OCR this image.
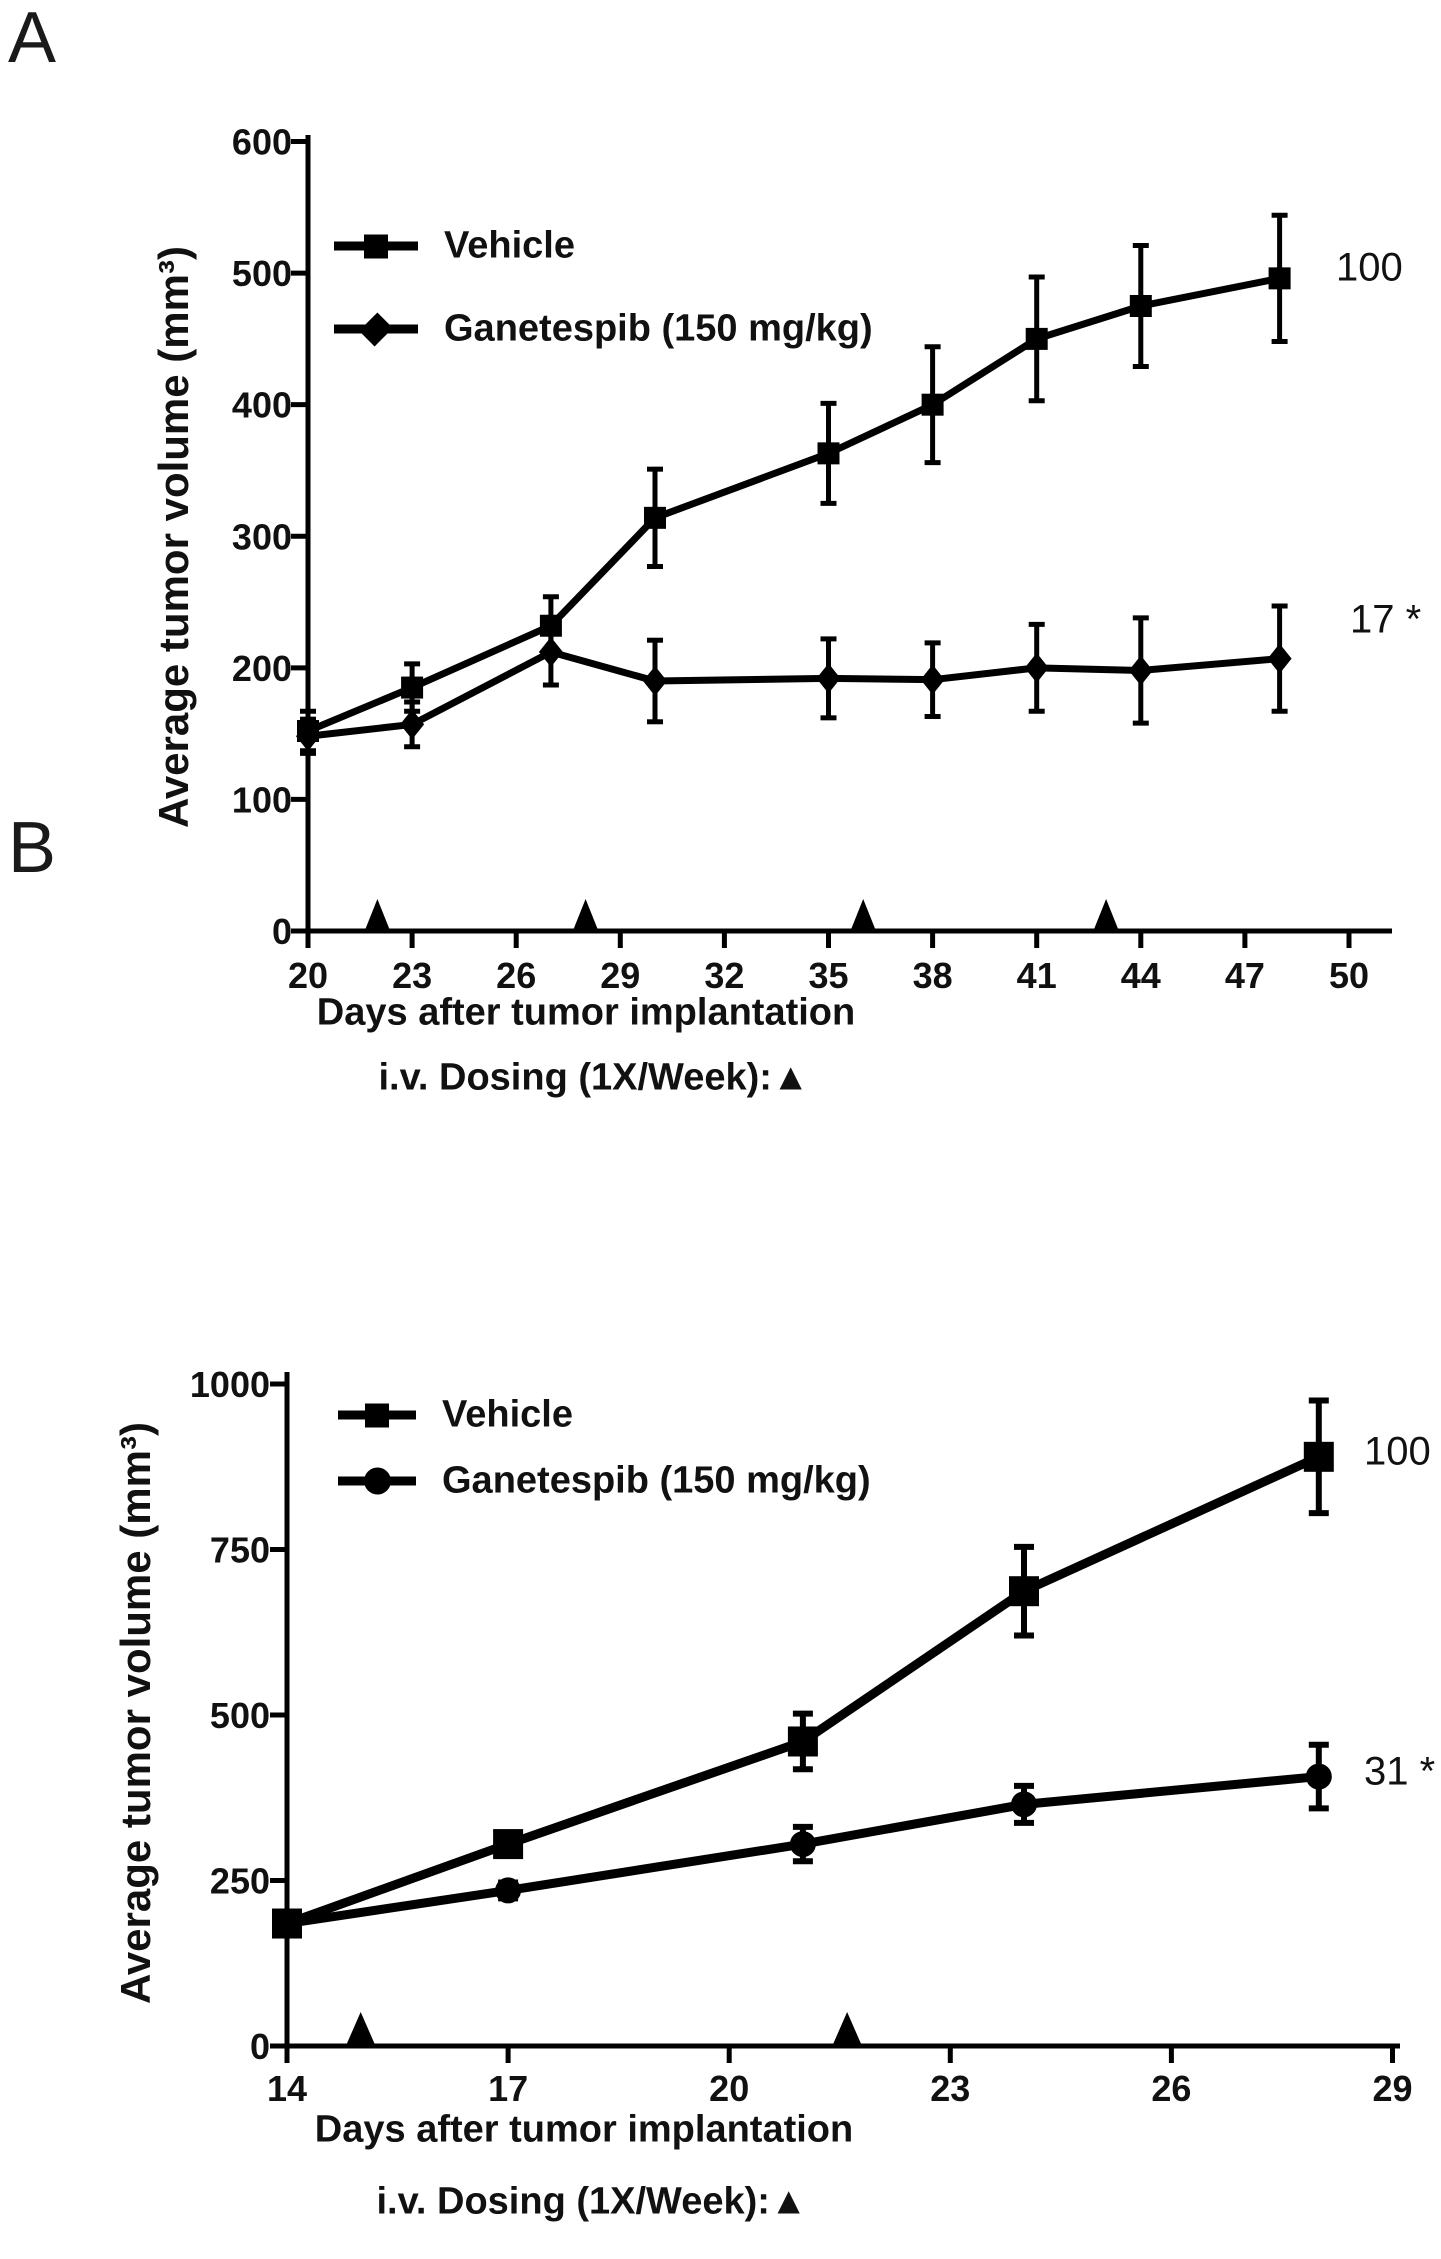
0
100
200
300
400
500
600
20 23 26 29 32 35 38 41 44 47 50
0
250
500
750
1000
14	17	20	23	26	29
A
B
Average tumor volume (mm³)
Days after tumor implantation
i.v. Dosing (1X/Week):▲
Average tumor volume (mm³)
Days after tumor implantation
i.v. Dosing (1X/Week):▲
Vehicle
Ganetespib (150 mg/kg)
Vehicle
Ganetespib (150 mg/kg)
100
17 *
100
31 *
